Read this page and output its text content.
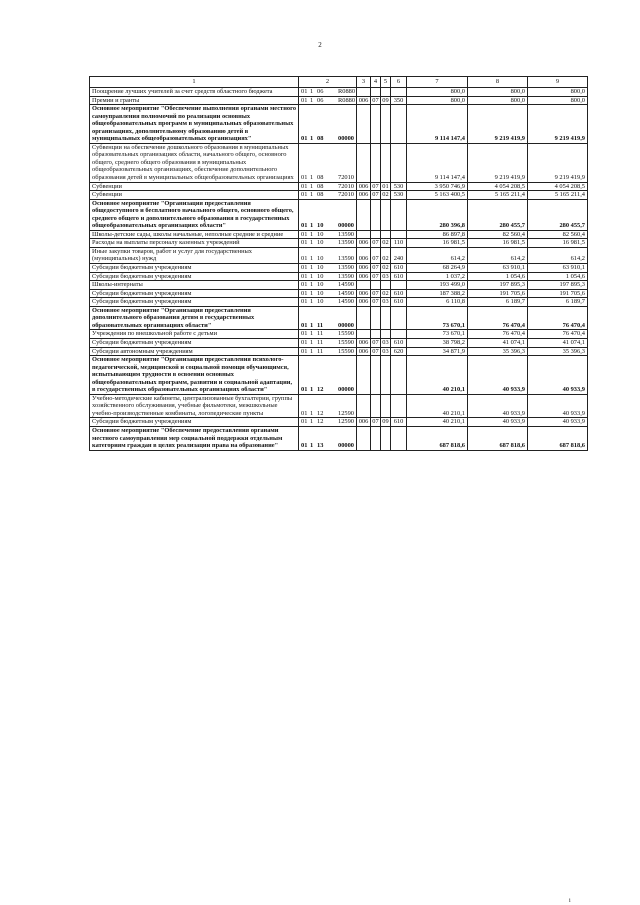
2
1	2	3	4	5	6	7	8	9
Поощрение лучших учителей за счет средств областного бюджета	01 1 06 R0880					800,0	800,0	800,0
Премии и гранты	01 1 06 R0880	006	07	09	350	800,0	800,0	800,0
Основное мероприятие "Обеспечение выполнения органами местного самоуправления полномочий по реализации основных общеобразовательных программ в муниципальных образовательных организациях, дополнительному образованию детей в муниципальных общеобразовательных организациях"	01 1 08 00000					9 114 147,4	9 219 419,9	9 219 419,9
Субвенции на обеспечение дошкольного образования в муниципальных образовательных организациях области, начального общего, основного общего, среднего общего образования в муниципальных общеобразовательных организациях, обеспечение дополнительного образования детей в муниципальных общеобразовательных организациях	01 1 08 72010					9 114 147,4	9 219 419,9	9 219 419,9
Субвенции	01 1 08 72010	006	07	01	530	3 950 746,9	4 054 208,5	4 054 208,5
Субвенции	01 1 08 72010	006	07	02	530	5 163 400,5	5 165 211,4	5 165 211,4
Основное мероприятие "Организация предоставления общедоступного и бесплатного начального общего, основного общего, среднего общего и дополнительного образования в государственных общеобразовательных организациях области"	01 1 10 00000					280 396,8	280 455,7	280 455,7
Школы-детские сады, школы начальные, неполные средние и средние	01 1 10 13590					86 897,8	82 560,4	82 560,4
Расходы на выплаты персоналу казенных учреждений	01 1 10 13590	006	07	02	110	16 981,5	16 981,5	16 981,5
Иные закупки товаров, работ и услуг для государственных (муниципальных) нужд	01 1 10 13590	006	07	02	240	614,2	614,2	614,2
Субсидии бюджетным учреждениям	01 1 10 13590	006	07	02	610	68 264,9	63 910,1	63 910,1
Субсидии бюджетным учреждениям	01 1 10 13590	006	07	03	610	1 037,2	1 054,6	1 054,6
Школы-интернаты	01 1 10 14590					193 499,0	197 895,3	197 895,3
Субсидии бюджетным учреждениям	01 1 10 14590	006	07	02	610	187 388,2	191 705,6	191 705,6
Субсидии бюджетным учреждениям	01 1 10 14590	006	07	03	610	6 110,8	6 189,7	6 189,7
Основное мероприятие "Организация предоставления дополнительного образования детям в государственных образовательных организациях области"	01 1 11 00000					73 670,1	76 470,4	76 470,4
Учреждения по внешкольной работе с детьми	01 1 11 15590					73 670,1	76 470,4	76 470,4
Субсидии бюджетным учреждениям	01 1 11 15590	006	07	03	610	38 798,2	41 074,1	41 074,1
Субсидии автономным учреждениям	01 1 11 15590	006	07	03	620	34 871,9	35 396,3	35 396,3
Основное мероприятие "Организация предоставления психолого-педагогической, медицинской и социальной помощи обучающимся, испытывающим трудности в освоении основных общеобразовательных программ, развитии и социальной адаптации, в государственных образовательных организациях области"	01 1 12 00000					40 210,1	40 933,9	40 933,9
Учебно-методические кабинеты, централизованные бухгалтерии, группы хозяйственного обслуживания, учебные фильмотеки, межшкольные учебно-производственные комбинаты, логопедические пункты	01 1 12 12590					40 210,1	40 933,9	40 933,9
Субсидии бюджетным учреждениям	01 1 12 12590	006	07	09	610	40 210,1	40 933,9	40 933,9
Основное мероприятие "Обеспечение предоставления органами местного самоуправления мер социальной поддержки отдельным категориям граждан в целях реализации права на образование"	01 1 13 00000					687 818,6	687 818,6	687 818,6
i
